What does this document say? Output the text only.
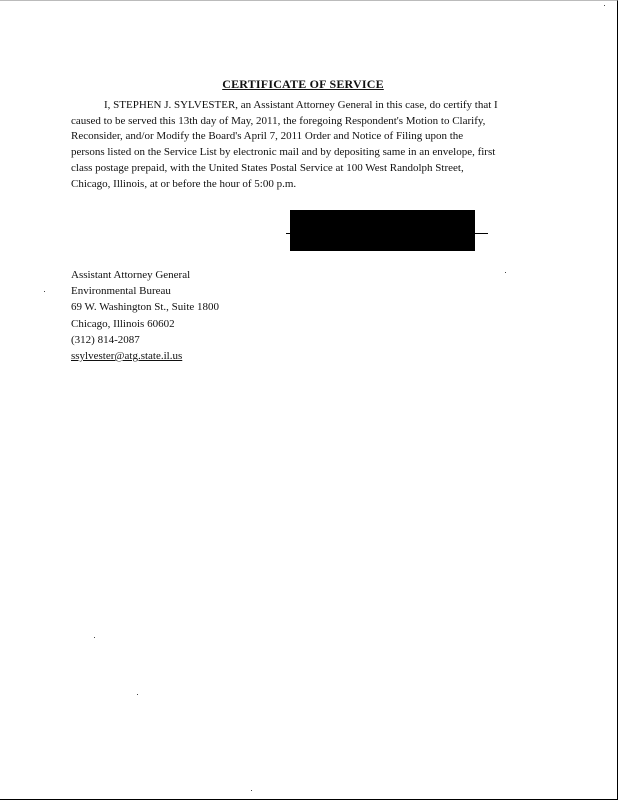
CERTIFICATE OF SERVICE

I, STEPHEN J. SYLVESTER, an Assistant Attorney General in this case, do certify that I
caused to be served this 13th day of May, 2011, the foregoing Respondent's Motion to Clarify,
Reconsider, and/or Modify the Board's April 7, 2011 Order and Notice of Filing upon the
persons listed on the Service List by electronic mail and by depositing same in an envelope, first
class postage prepaid, with the United States Postal Service at 100 West Randolph Street,
Chicago, Illinois, at or before the hour of 5:00 p.m.

Assistant Attorney General
Environmental Bureau
69 W. Washington St., Suite 1800
Chicago, Illinois 60602
(312) 814-2087
ssylvester@atg.state.il.us
